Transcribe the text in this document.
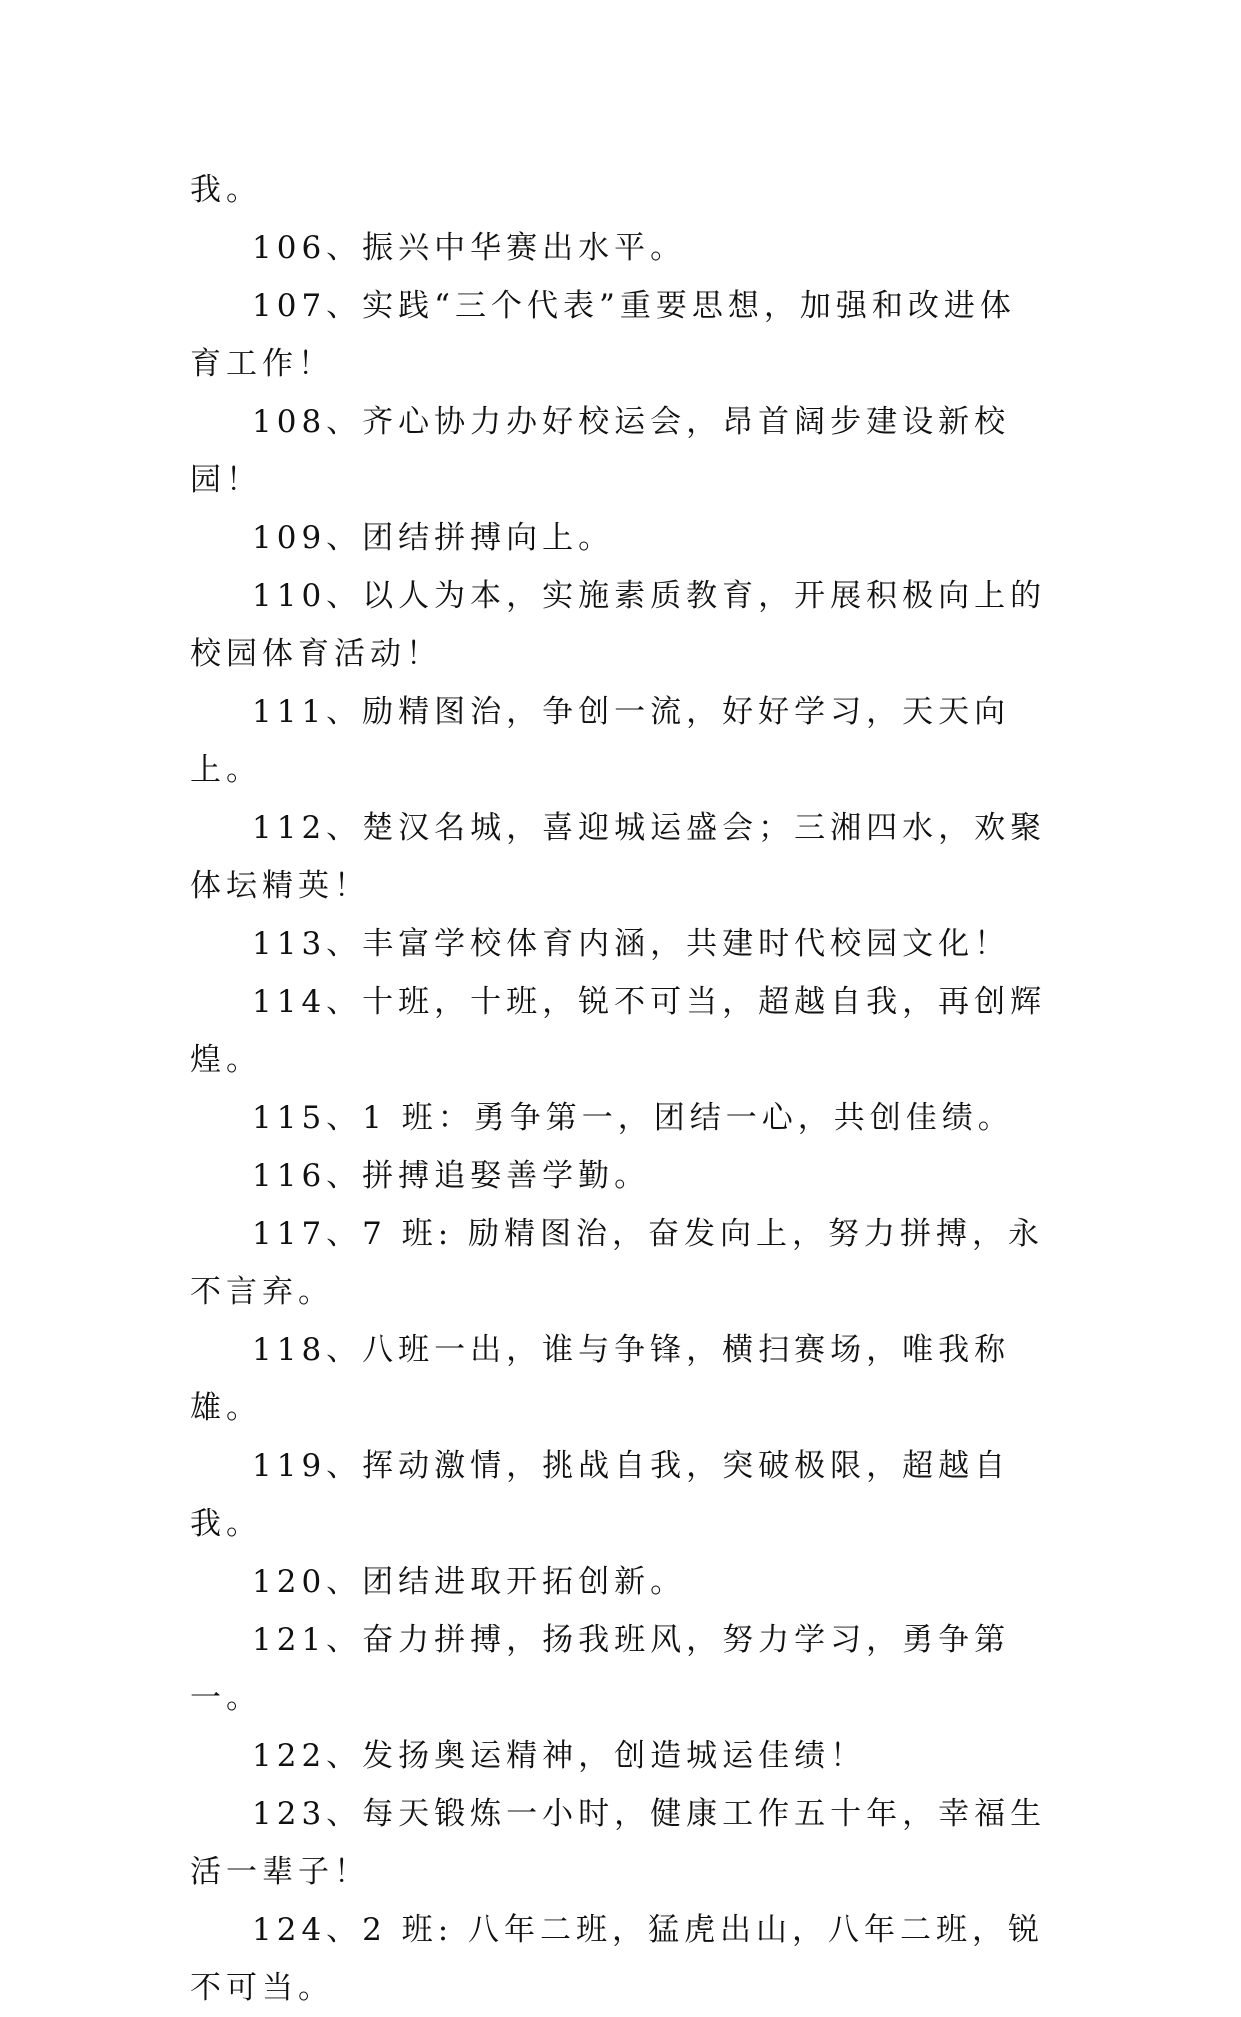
我。

106、振兴中华赛出水平。

107、实践“三个代表”重要思想，加强和改进体育工作！

108、齐心协力办好校运会，昂首阔步建设新校园！

109、团结拼搏向上。

110、以人为本，实施素质教育，开展积极向上的校园体育活动！

111、励精图治，争创一流，好好学习，天天向上。

112、楚汉名城，喜迎城运盛会；三湘四水，欢聚体坛精英！

113、丰富学校体育内涵，共建时代校园文化！

114、十班，十班，锐不可当，超越自我，再创辉煌。

115、1 班：勇争第一，团结一心，共创佳绩。

116、拼搏追娶善学勤。

117、7 班: 励精图治，奋发向上，努力拼搏，永不言弃。

118、八班一出，谁与争锋，横扫赛场，唯我称雄。

119、挥动激情，挑战自我，突破极限，超越自我。

120、团结进取开拓创新。

121、奋力拼搏，扬我班风，努力学习，勇争第一。

122、发扬奥运精神，创造城运佳绩！

123、每天锻炼一小时，健康工作五十年，幸福生活一辈子！

124、2 班: 八年二班，猛虎出山，八年二班，锐不可当。
